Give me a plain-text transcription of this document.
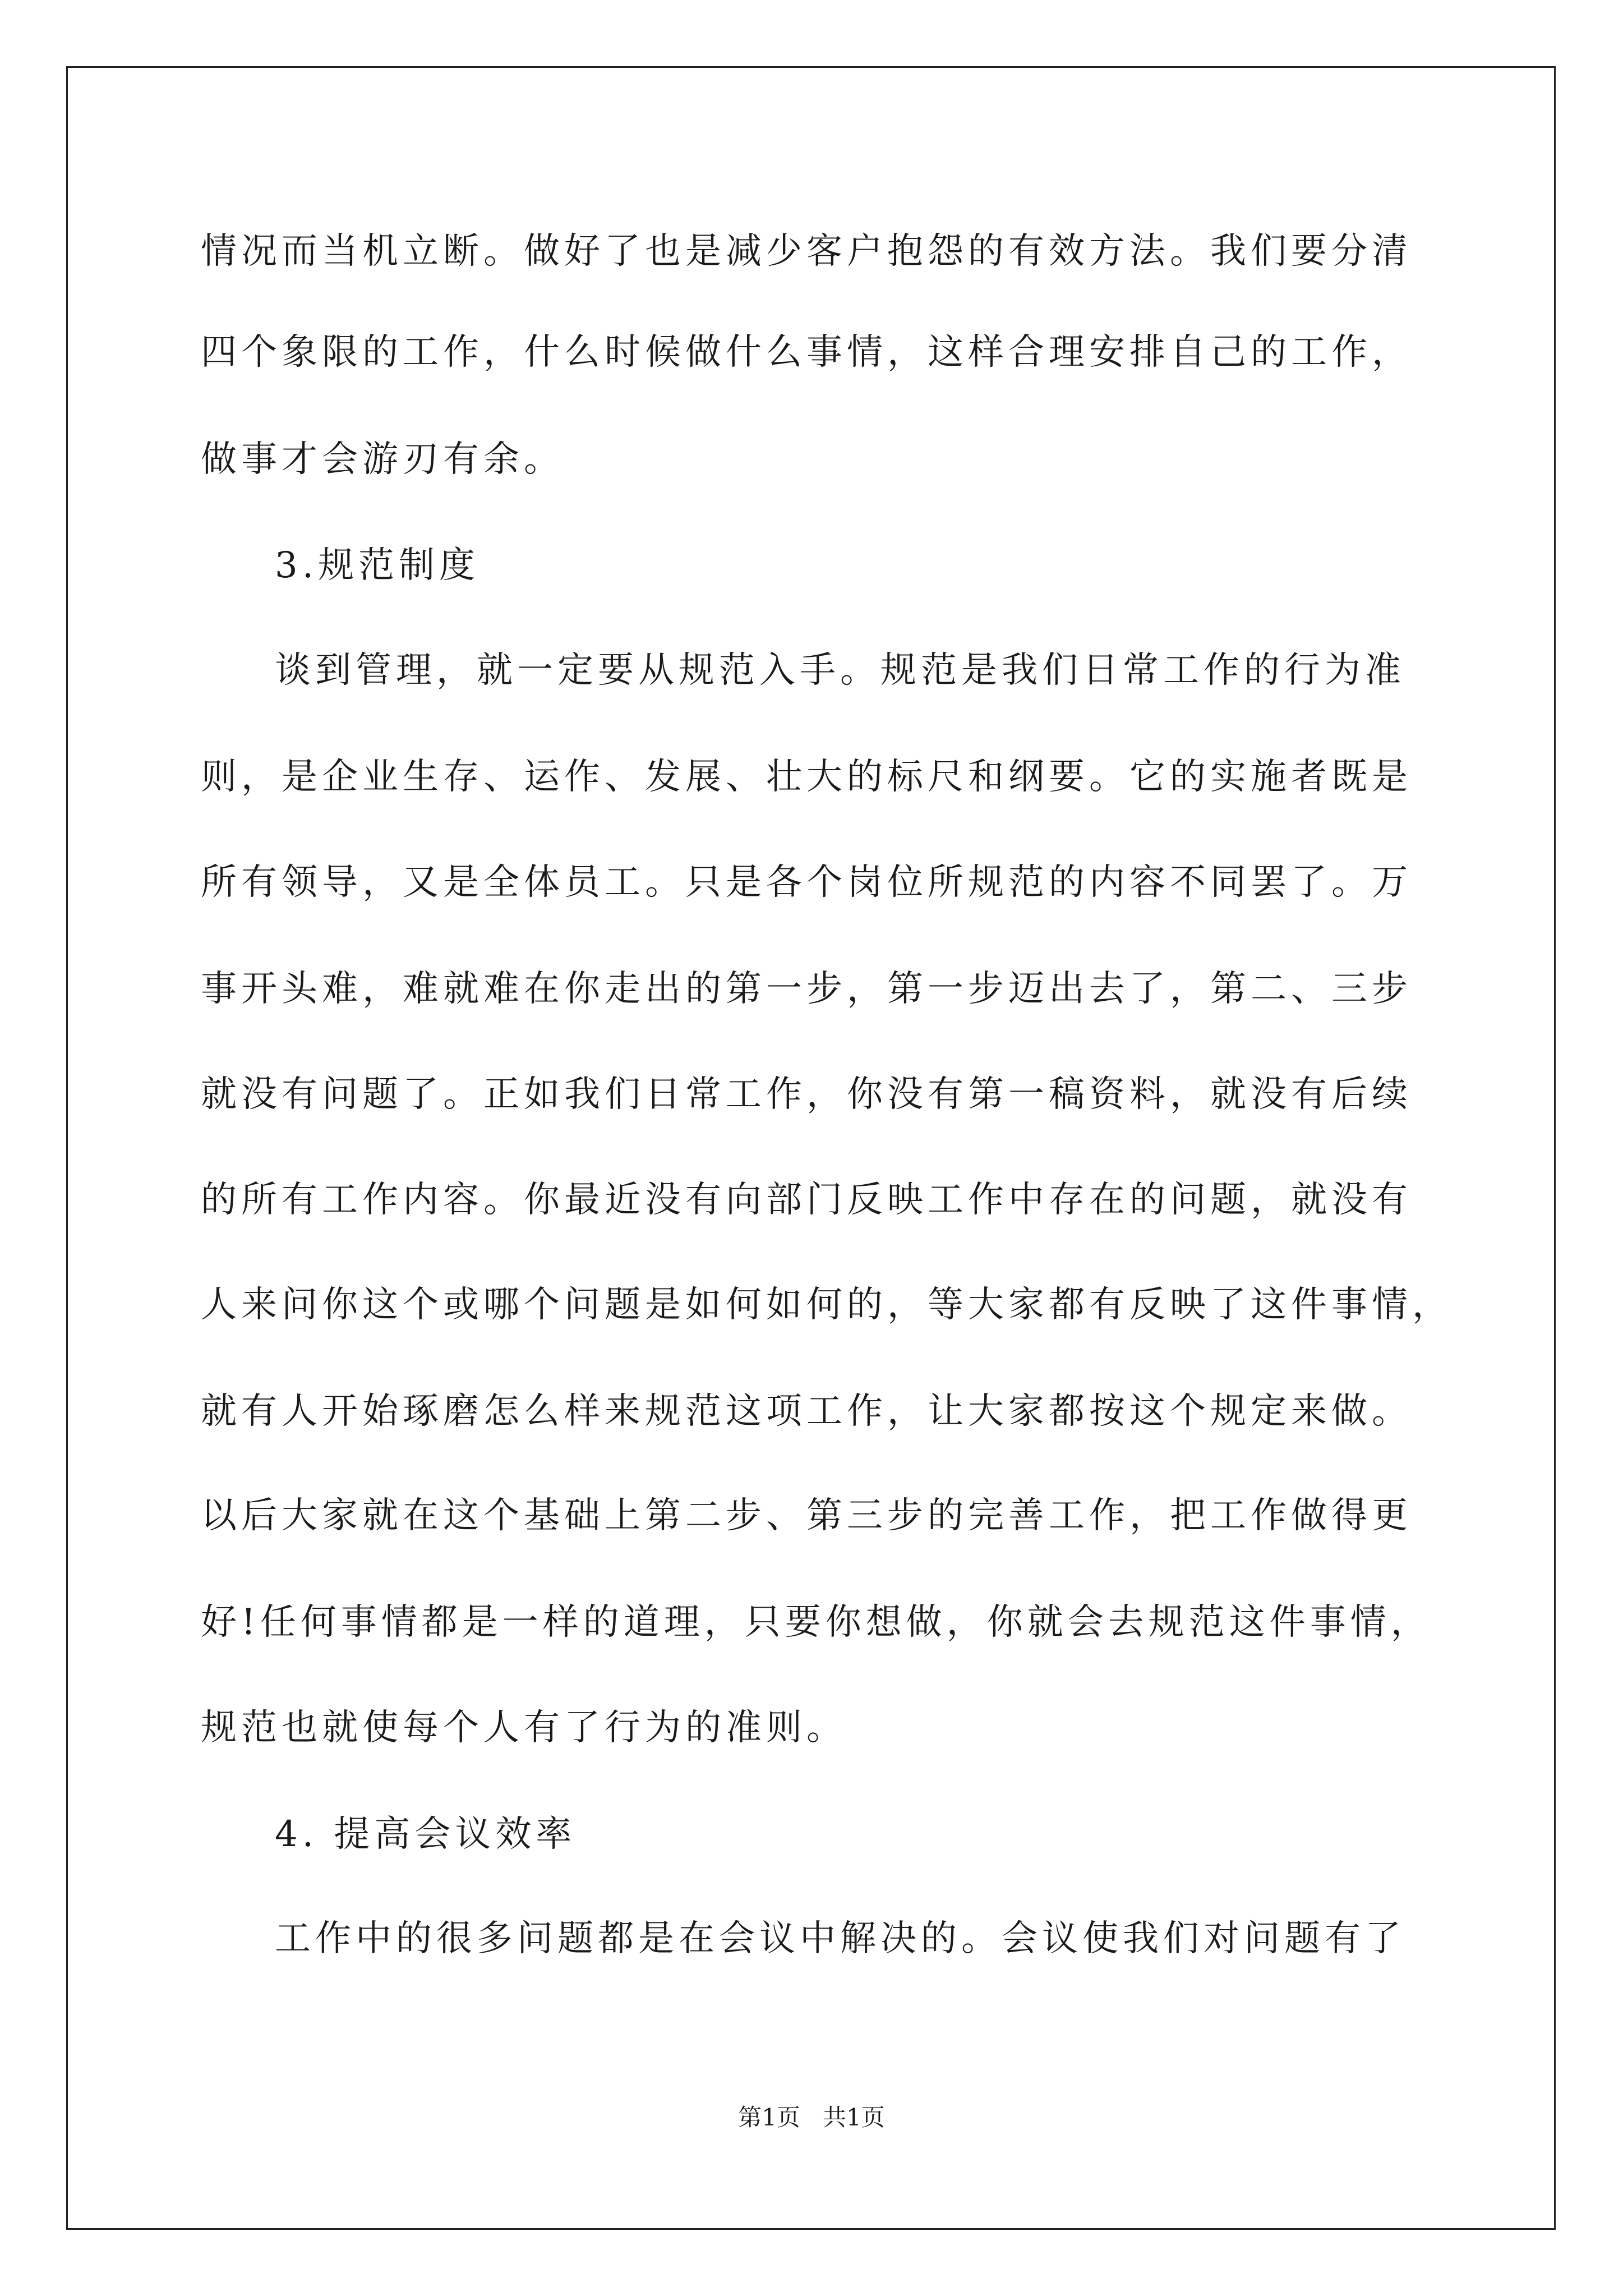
情况而当机立断。做好了也是减少客户抱怨的有效方法。我们要分清
四个象限的工作，什么时候做什么事情，这样合理安排自己的工作，
做事才会游刃有余。
3.规范制度
谈到管理，就一定要从规范入手。规范是我们日常工作的行为准
则，是企业生存、运作、发展、壮大的标尺和纲要。它的实施者既是
所有领导，又是全体员工。只是各个岗位所规范的内容不同罢了。万
事开头难，难就难在你走出的第一步，第一步迈出去了，第二、三步
就没有问题了。正如我们日常工作，你没有第一稿资料，就没有后续
的所有工作内容。你最近没有向部门反映工作中存在的问题，就没有
人来问你这个或哪个问题是如何如何的，等大家都有反映了这件事情，
就有人开始琢磨怎么样来规范这项工作，让大家都按这个规定来做。
以后大家就在这个基础上第二步、第三步的完善工作，把工作做得更
好!任何事情都是一样的道理，只要你想做，你就会去规范这件事情，
规范也就使每个人有了行为的准则。
4. 提高会议效率
工作中的很多问题都是在会议中解决的。会议使我们对问题有了
第1页 共1页
